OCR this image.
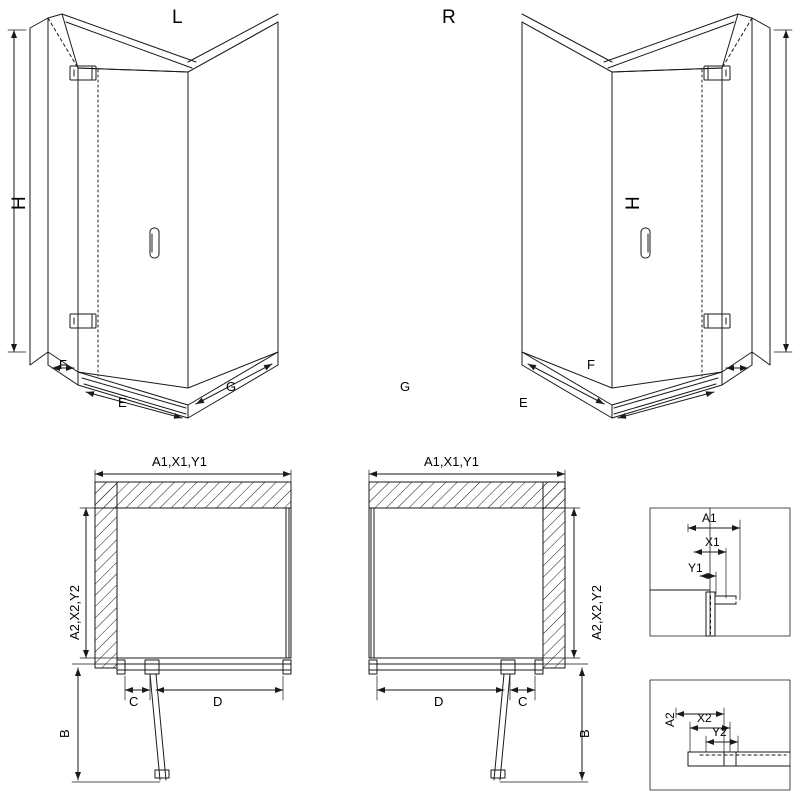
L
H
F
E
G
R
H
F
E
G
A1,X1,Y1
A2,X2,Y2
C	D
B
A1,X1,Y1
A2,X2,Y2
D	C
B
A1
X1
Y1
A2 X2
Y2
